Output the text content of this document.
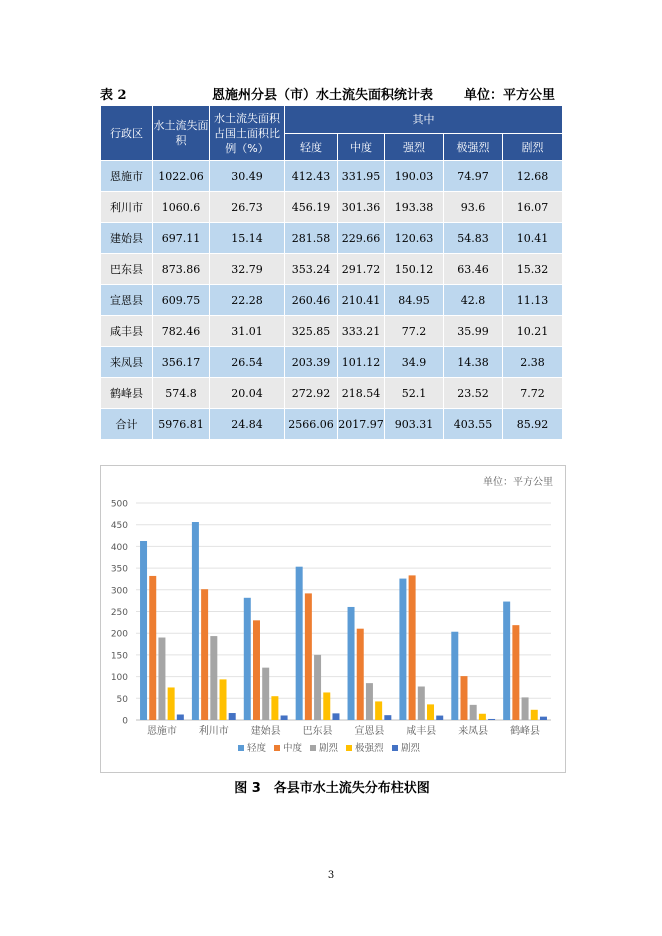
表 2	恩施州分县（市）水土流失面积统计表 单位：平方公里
行政区	水土流失面积	水土流失面积占国土面积比例（%）	其中				
			轻度	中度	强烈	极强烈	剧烈
恩施市	1022.06	30.49	412.43	331.95	190.03	74.97	12.68
利川市	1060.6	26.73	456.19	301.36	193.38	93.6	16.07
建始县	697.11	15.14	281.58	229.66	120.63	54.83	10.41
巴东县	873.86	32.79	353.24	291.72	150.12	63.46	15.32
宣恩县	609.75	22.28	260.46	210.41	84.95	42.8	11.13
咸丰县	782.46	31.01	325.85	333.21	77.2	35.99	10.21
来凤县	356.17	26.54	203.39	101.12	34.9	14.38	2.38
鹤峰县	574.8	20.04	272.92	218.54	52.1	23.52	7.72
合计	5976.81	24.84	2566.06	2017.97	903.31	403.55	85.92
单位：平方公里
0
50
100
150
200
250
300
350
400
450
500
恩施市 利川市 建始县 巴东县 宣恩县 咸丰县 来凤县 鹤峰县
轻度 中度 剧烈 极强烈 剧烈
图 3　各县市水土流失分布柱状图
3
